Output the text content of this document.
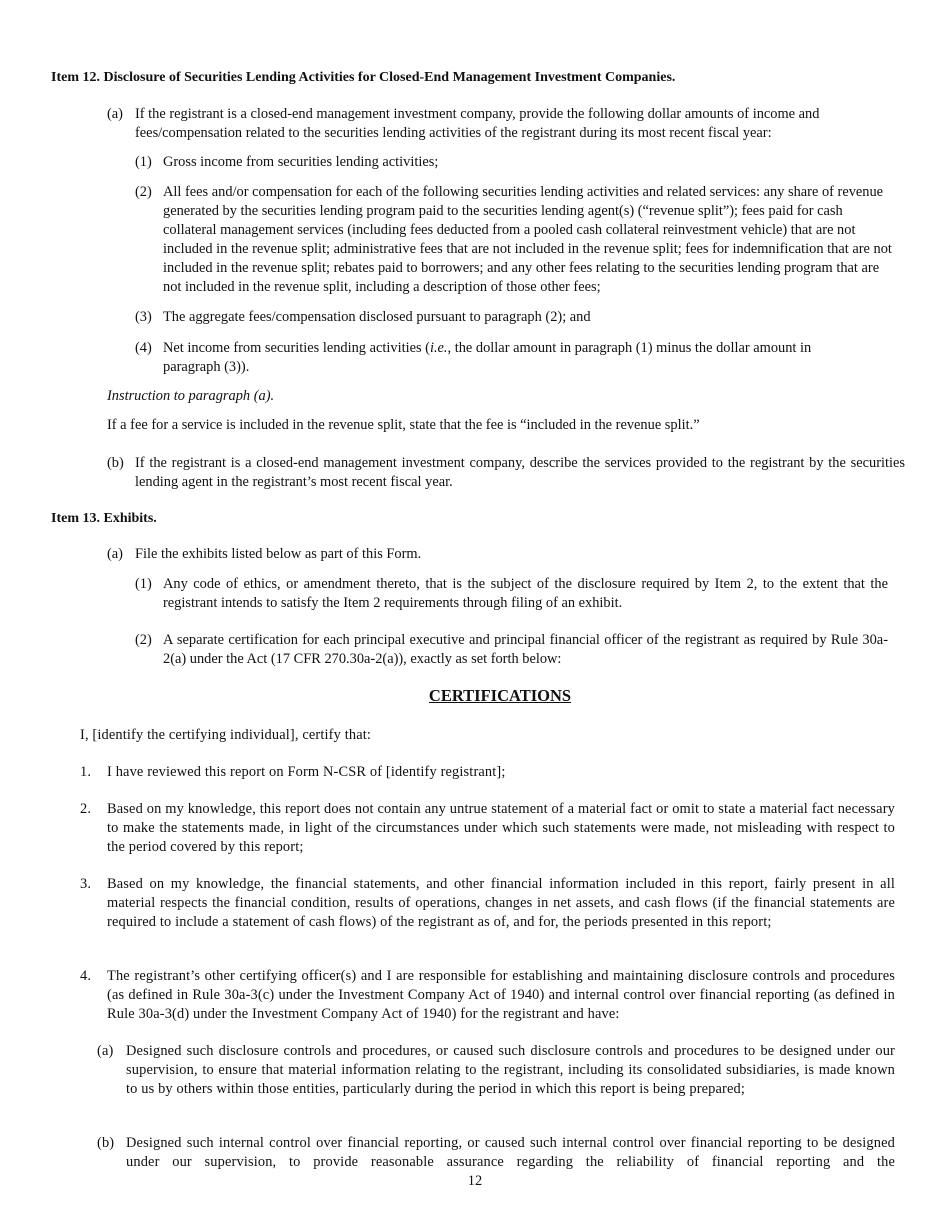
Item 12. Disclosure of Securities Lending Activities for Closed-End Management Investment Companies.
(a) If the registrant is a closed-end management investment company, provide the following dollar amounts of income and fees/compensation related to the securities lending activities of the registrant during its most recent fiscal year:
(1) Gross income from securities lending activities;
(2) All fees and/or compensation for each of the following securities lending activities and related services: any share of revenue generated by the securities lending program paid to the securities lending agent(s) (“revenue split”); fees paid for cash collateral management services (including fees deducted from a pooled cash collateral reinvestment vehicle) that are not included in the revenue split; administrative fees that are not included in the revenue split; fees for indemnification that are not included in the revenue split; rebates paid to borrowers; and any other fees relating to the securities lending program that are not included in the revenue split, including a description of those other fees;
(3) The aggregate fees/compensation disclosed pursuant to paragraph (2); and
(4) Net income from securities lending activities (i.e., the dollar amount in paragraph (1) minus the dollar amount in paragraph (3)).
Instruction to paragraph (a).
If a fee for a service is included in the revenue split, state that the fee is “included in the revenue split.”
(b) If the registrant is a closed-end management investment company, describe the services provided to the registrant by the securities lending agent in the registrant’s most recent fiscal year.
Item 13. Exhibits.
(a) File the exhibits listed below as part of this Form.
(1) Any code of ethics, or amendment thereto, that is the subject of the disclosure required by Item 2, to the extent that the registrant intends to satisfy the Item 2 requirements through filing of an exhibit.
(2) A separate certification for each principal executive and principal financial officer of the registrant as required by Rule 30a-2(a) under the Act (17 CFR 270.30a-2(a)), exactly as set forth below:
CERTIFICATIONS
I, [identify the certifying individual], certify that:
1. I have reviewed this report on Form N-CSR of [identify registrant];
2. Based on my knowledge, this report does not contain any untrue statement of a material fact or omit to state a material fact necessary to make the statements made, in light of the circumstances under which such statements were made, not misleading with respect to the period covered by this report;
3. Based on my knowledge, the financial statements, and other financial information included in this report, fairly present in all material respects the financial condition, results of operations, changes in net assets, and cash flows (if the financial statements are required to include a statement of cash flows) of the registrant as of, and for, the periods presented in this report;
4. The registrant’s other certifying officer(s) and I are responsible for establishing and maintaining disclosure controls and procedures (as defined in Rule 30a-3(c) under the Investment Company Act of 1940) and internal control over financial reporting (as defined in Rule 30a-3(d) under the Investment Company Act of 1940) for the registrant and have:
(a) Designed such disclosure controls and procedures, or caused such disclosure controls and procedures to be designed under our supervision, to ensure that material information relating to the registrant, including its consolidated subsidiaries, is made known to us by others within those entities, particularly during the period in which this report is being prepared;
(b) Designed such internal control over financial reporting, or caused such internal control over financial reporting to be designed under our supervision, to provide reasonable assurance regarding the reliability of financial reporting and the
12
